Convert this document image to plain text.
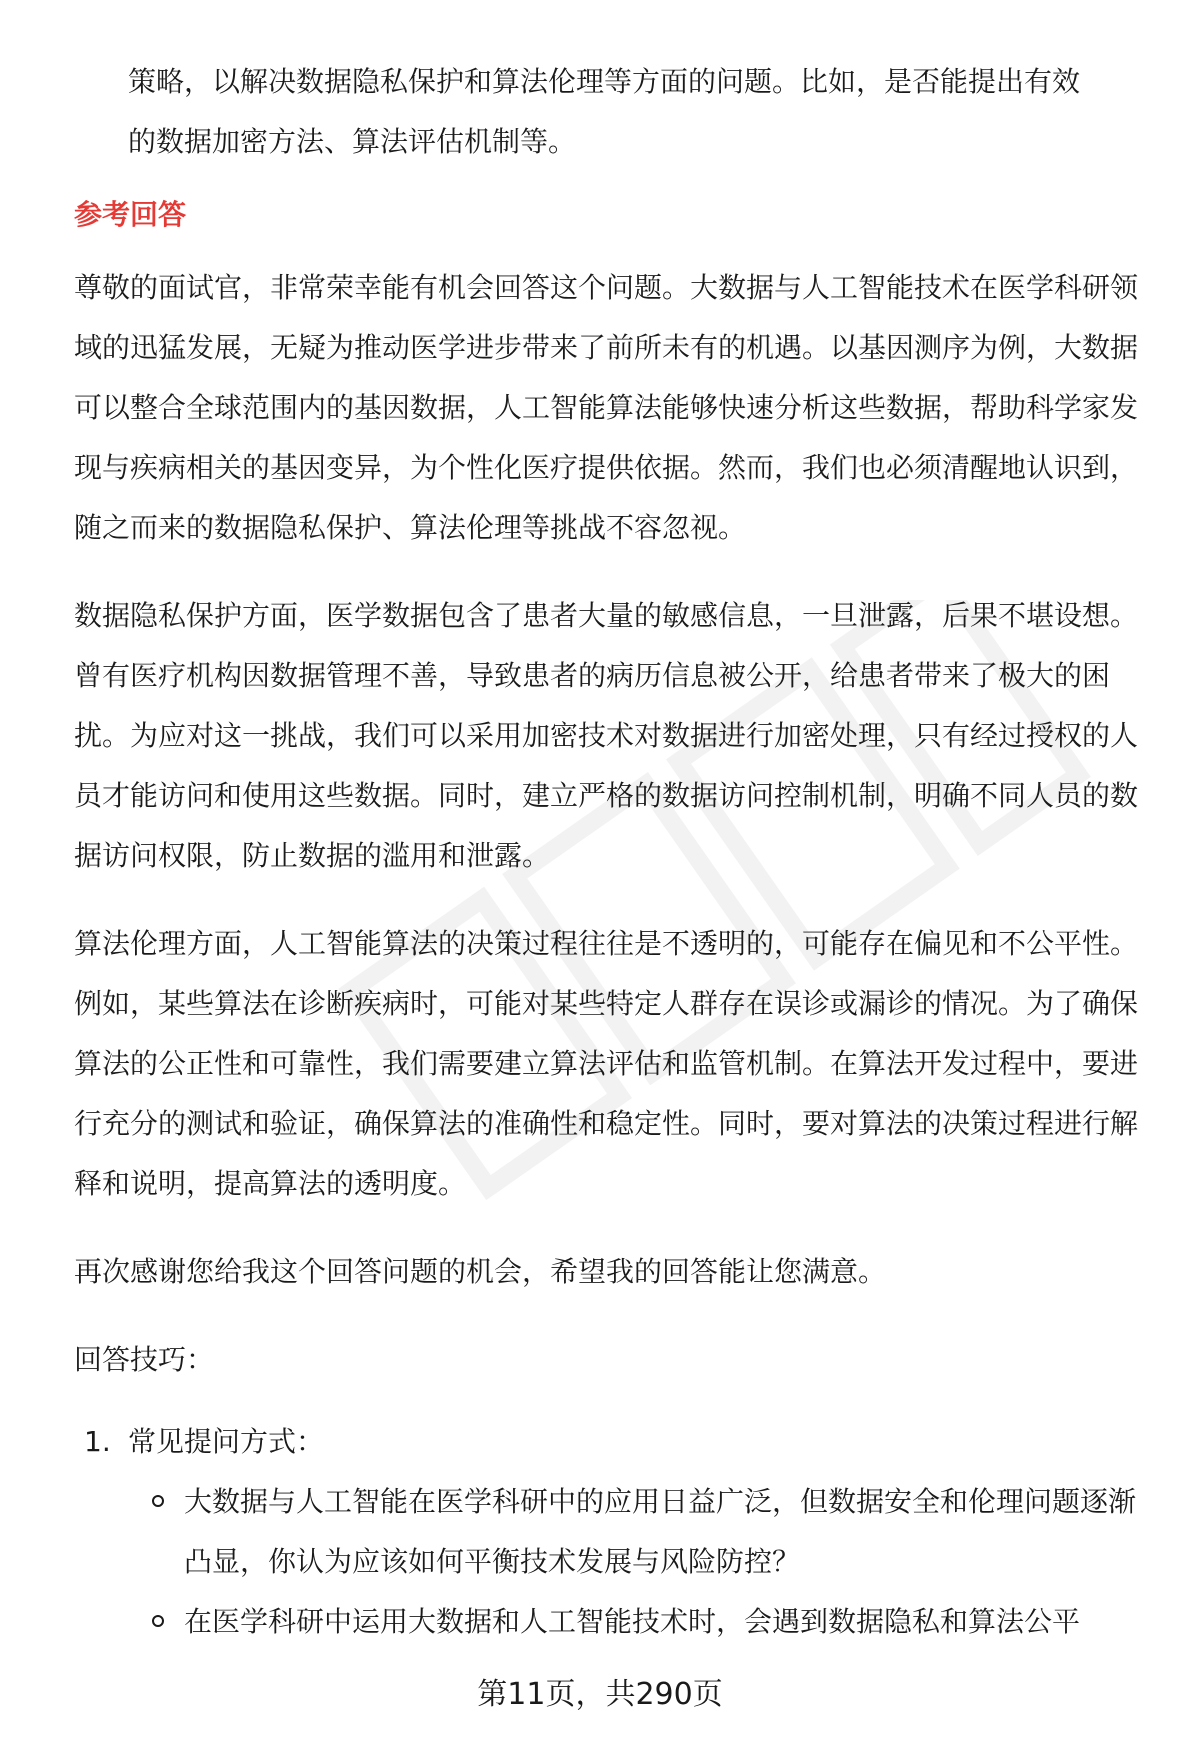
策略，以解决数据隐私保护和算法伦理等方面的问题。比如，是否能提出有效
的数据加密方法、算法评估机制等。
参考回答

尊敬的面试官，非常荣幸能有机会回答这个问题。大数据与人工智能技术在医学科研领域的迅猛发展，无疑为推动医学进步带来了前所未有的机遇。以基因测序为例，大数据可以整合全球范围内的基因数据，人工智能算法能够快速分析这些数据，帮助科学家发现与疾病相关的基因变异，为个性化医疗提供依据。然而，我们也必须清醒地认识到，随之而来的数据隐私保护、算法伦理等挑战不容忽视。

数据隐私保护方面，医学数据包含了患者大量的敏感信息，一旦泄露，后果不堪设想。曾有医疗机构因数据管理不善，导致患者的病历信息被公开，给患者带来了极大的困扰。为应对这一挑战，我们可以采用加密技术对数据进行加密处理，只有经过授权的人员才能访问和使用这些数据。同时，建立严格的数据访问控制机制，明确不同人员的数据访问权限，防止数据的滥用和泄露。

算法伦理方面，人工智能算法的决策过程往往是不透明的，可能存在偏见和不公平性。例如，某些算法在诊断疾病时，可能对某些特定人群存在误诊或漏诊的情况。为了确保算法的公正性和可靠性，我们需要建立算法评估和监管机制。在算法开发过程中，要进行充分的测试和验证，确保算法的准确性和稳定性。同时，要对算法的决策过程进行解释和说明，提高算法的透明度。

再次感谢您给我这个回答问题的机会，希望我的回答能让您满意。

回答技巧：
1. 常见提问方式：
大数据与人工智能在医学科研中的应用日益广泛，但数据安全和伦理问题逐渐凸显，你认为应该如何平衡技术发展与风险防控？
在医学科研中运用大数据和人工智能技术时，会遇到数据隐私和算法公平
第11页，共290页
